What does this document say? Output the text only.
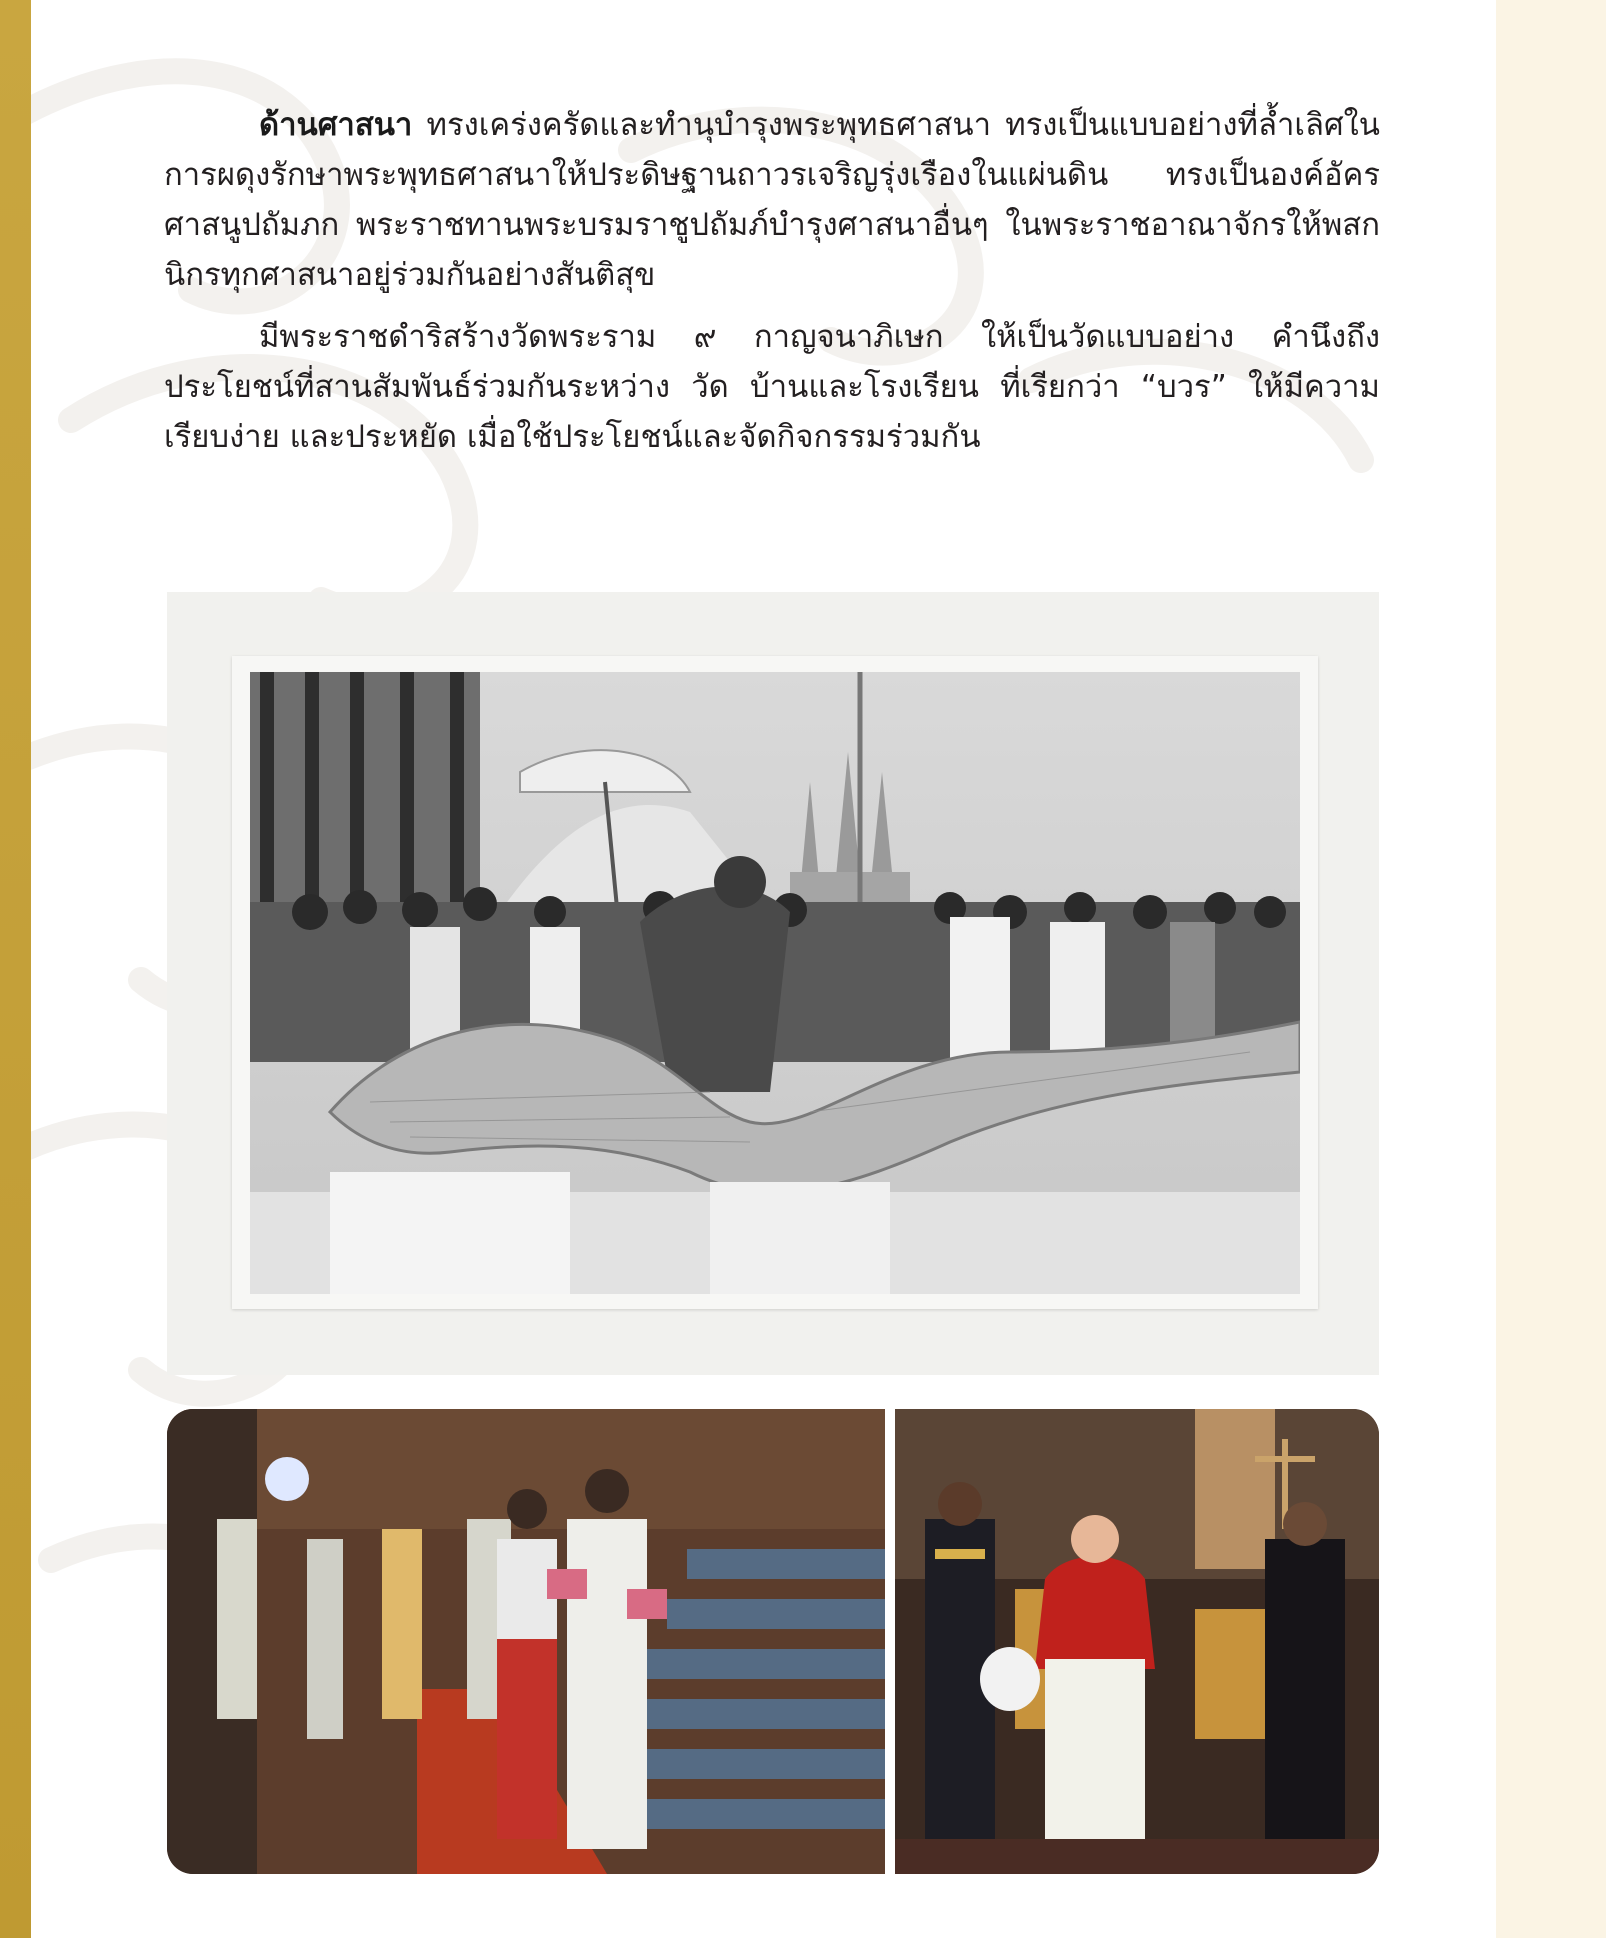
ด้านศาสนา ทรงเคร่งครัดและทำนุบำรุงพระพุทธศาสนา ทรงเป็นแบบอย่างที่ล้ำเลิศในการผดุงรักษาพระพุทธศาสนาให้ประดิษฐานถาวรเจริญรุ่งเรืองในแผ่นดิน ทรงเป็นองค์อัครศาสนูปถัมภก พระราชทานพระบรมราชูปถัมภ์บำรุงศาสนาอื่นๆ ในพระราชอาณาจักรให้พสกนิกรทุกศาสนาอยู่ร่วมกันอย่างสันติสุข

มีพระราชดำริสร้างวัดพระราม ๙ กาญจนาภิเษก ให้เป็นวัดแบบอย่าง คำนึงถึงประโยชน์ที่สานสัมพันธ์ร่วมกันระหว่าง วัด บ้านและโรงเรียน ที่เรียกว่า “บวร” ให้มีความเรียบง่าย และประหยัด เมื่อใช้ประโยชน์และจัดกิจกรรมร่วมกัน
